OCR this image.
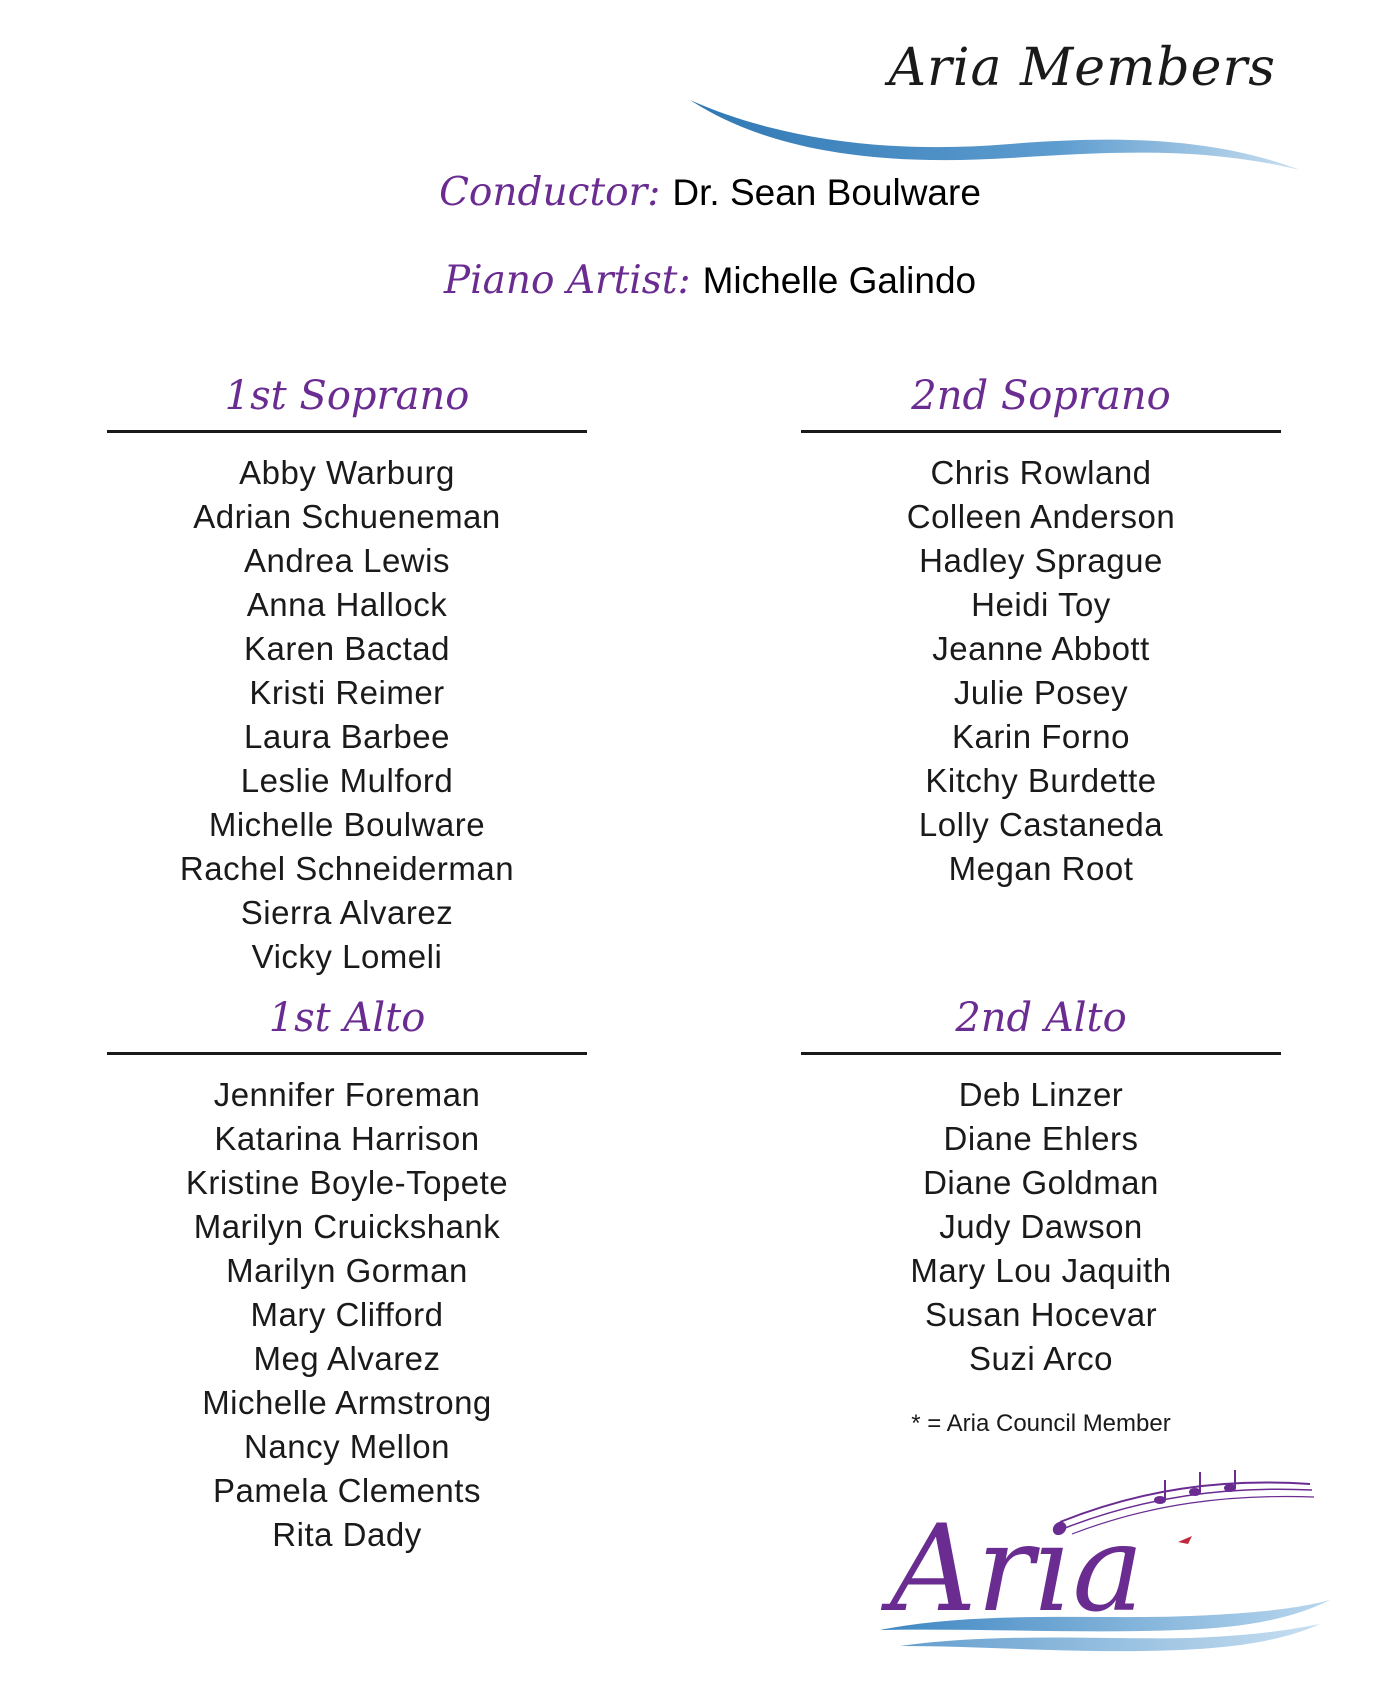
Aria Members
Conductor: Dr. Sean Boulware
Piano Artist: Michelle Galindo
1st Soprano
Abby Warburg
Adrian Schueneman
Andrea Lewis
Anna Hallock
Karen Bactad
Kristi Reimer
Laura Barbee
Leslie Mulford
Michelle Boulware
Rachel Schneiderman
Sierra Alvarez
Vicky Lomeli
2nd Soprano
Chris Rowland
Colleen Anderson
Hadley Sprague
Heidi Toy
Jeanne Abbott
Julie Posey
Karin Forno
Kitchy Burdette
Lolly Castaneda
Megan Root
1st Alto
Jennifer Foreman
Katarina Harrison
Kristine Boyle-Topete
Marilyn Cruickshank
Marilyn Gorman
Mary Clifford
Meg Alvarez
Michelle Armstrong
Nancy Mellon
Pamela Clements
Rita Dady
2nd Alto
Deb Linzer
Diane Ehlers
Diane Goldman
Judy Dawson
Mary Lou Jaquith
Susan Hocevar
Suzi Arco
* = Aria Council Member
Aria
